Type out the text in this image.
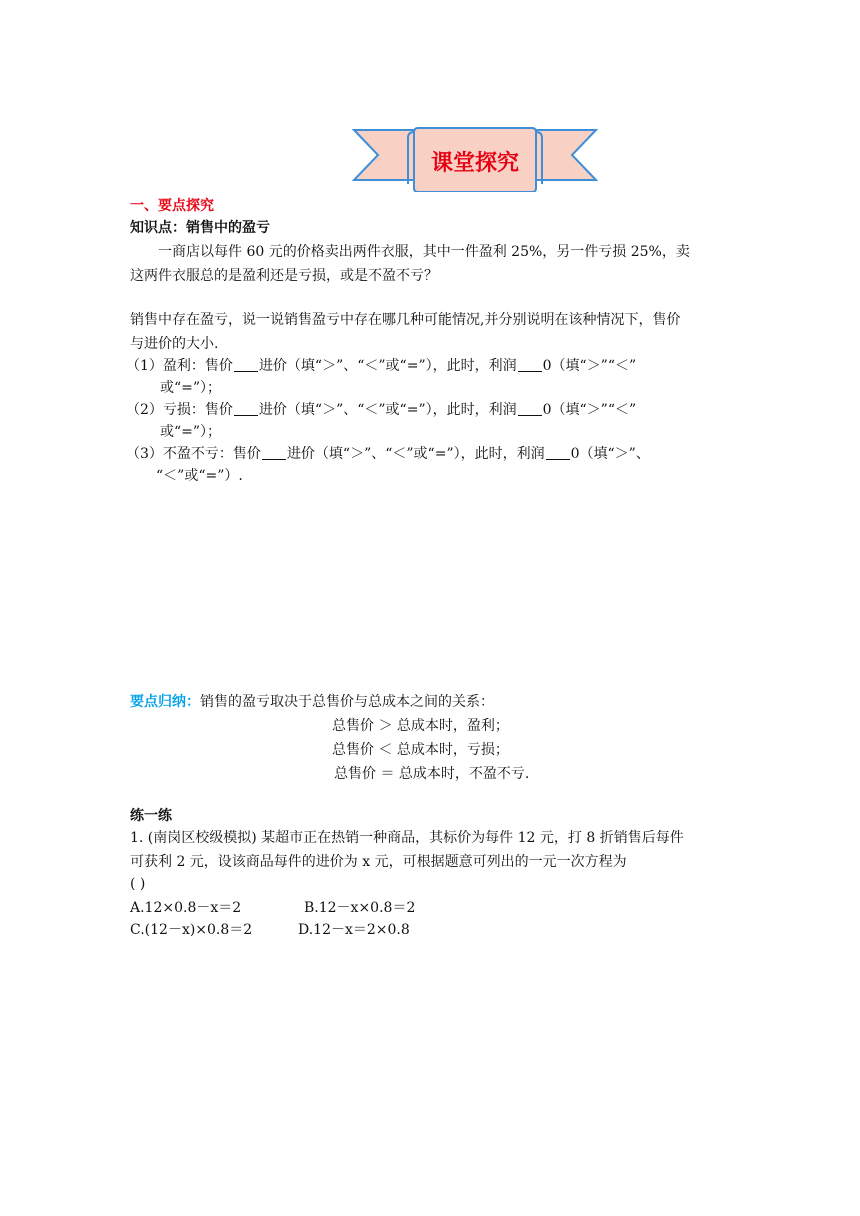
课堂探究
一、要点探究
知识点：销售中的盈亏
一商店以每件 60 元的价格卖出两件衣服，其中一件盈利 25%，另一件亏损 25%，卖
这两件衣服总的是盈利还是亏损，或是不盈不亏？
销售中存在盈亏，说一说销售盈亏中存在哪几种可能情况,并分别说明在该种情况下，售价
与进价的大小.
（1）盈利：售价 进价（填“＞”、“＜”或“=”），此时，利润 0（填“＞”“＜”
或“=”）；
（2）亏损：售价 进价（填“＞”、“＜”或“=”），此时，利润 0（填“＞”“＜”
或“=”）；
（3）不盈不亏：售价 进价（填“＞”、“＜”或“=”），此时，利润 0（填“＞”、
“＜”或“=”）.
要点归纳：销售的盈亏取决于总售价与总成本之间的关系：
总售价 ＞ 总成本时，盈利；
总售价 ＜ 总成本时，亏损；
总售价 ＝ 总成本时，不盈不亏.
练一练
1. (南岗区校级模拟) 某超市正在热销一种商品，其标价为每件 12 元，打 8 折销售后每件
可获利 2 元，设该商品每件的进价为 x 元，可根据题意可列出的一元一次方程为
( )
A.12×0.8－x＝2	B.12－x×0.8＝2
C.(12－x)×0.8＝2	D.12－x＝2×0.8
